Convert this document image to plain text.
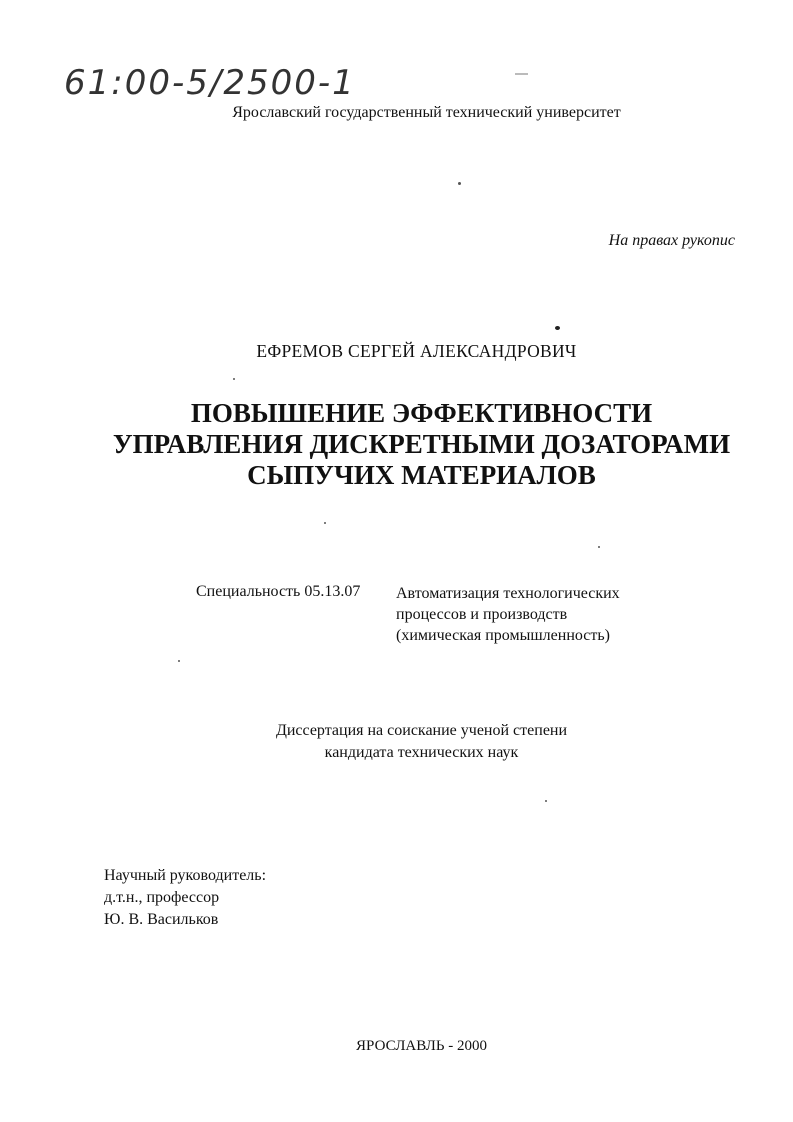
61:00-5/2500-1

Ярославский государственный технический университет

На правах рукопис

ЕФРЕМОВ СЕРГЕЙ АЛЕКСАНДРОВИЧ

ПОВЫШЕНИЕ ЭФФЕКТИВНОСТИ
УПРАВЛЕНИЯ ДИСКРЕТНЫМИ ДОЗАТОРАМИ
СЫПУЧИХ МАТЕРИАЛОВ

Специальность 05.13.07 Автоматизация технологических
процессов и производств
(химическая промышленность)
Диссертация на соискание ученой степени
кандидата технических наук
Научный руководитель:
д.т.н., профессор
Ю. В. Васильков

ЯРОСЛАВЛЬ - 2000
